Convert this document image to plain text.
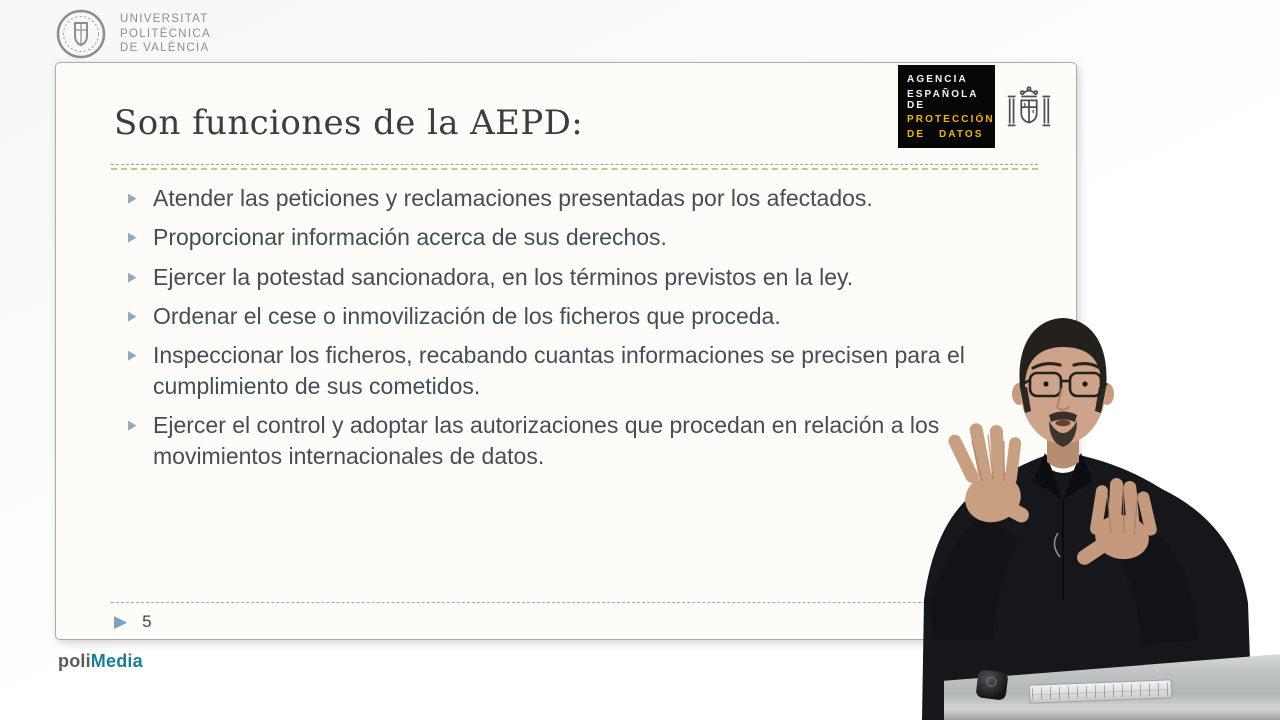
UNIVERSITAT
POLITÈCNICA
DE VALÈNCIA
AGENCIA
ESPAÑOLA DE
PROTECCIÓN
DE DATOS
Son funciones de la AEPD:
▶ Atender las peticiones y reclamaciones presentadas por los afectados.
▶ Proporcionar información acerca de sus derechos.
▶ Ejercer la potestad sancionadora, en los términos previstos en la ley.
▶ Ordenar el cese o inmovilización de los ficheros que proceda.
▶ Inspeccionar los ficheros, recabando cuantas informaciones se precisen para el cumplimiento de sus cometidos.
▶ Ejercer el control y adoptar las autorizaciones que procedan en relación a los movimientos internacionales de datos.
▶ 5
poliMedia
